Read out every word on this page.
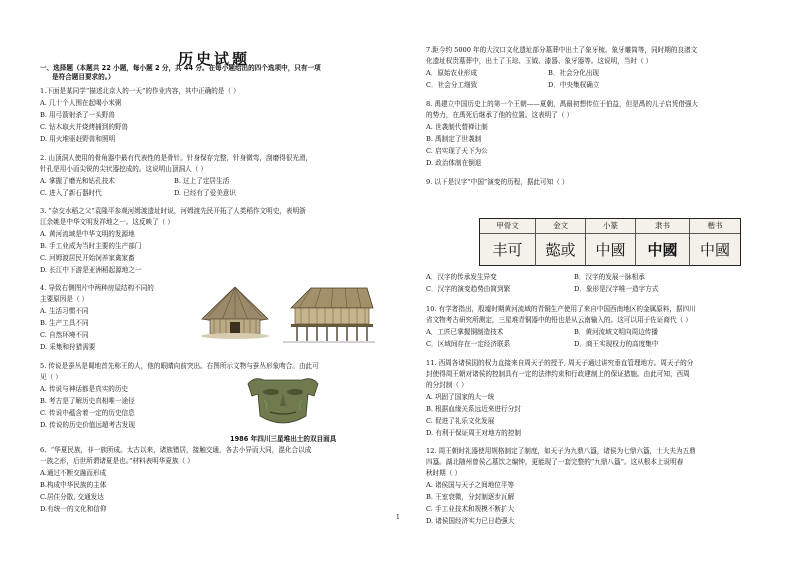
历史试题
一、选择题（本题共 22 小题，每小题 2 分，共 44 分。在每小题给出的四个选项中，只有一项
是符合题目要求的。）
1.下面是某同学“描述北京人的一天”的作业内容，其中正确的是（ ）
A. 几十个人围在起喝小米粥
B. 用弓箭射杀了一头野兽
C. 钻木取火并烧烤捕到的野兽
D. 用火堆驱赶野兽和照明
2. 山顶洞人使用的骨角器中最有代表性的是骨针。针身保存完整，针身微弯，刮磨得很光滑，
针孔是用小而尖锐的尖状器挖成的。这说明山顶洞人（ ）
A. 掌握了磨光和钻孔技术	B. 过上了定居生活
C. 进入了新石器时代	D. 已经有了爱美意识
3. “杂交水稻之父”袁隆平参观河姆渡遗址时说，河姆渡先民开拓了人类稻作文明史，表明浙
江余姚是中华文明发祥地之一。这反映了（ ）
A. 黄河流域是中华文明的发源地
B. 手工业成为当时主要的生产部门
C. 河姆渡居民开始饲养家禽家畜
D. 长江中下游是亚洲稻起源地之一
4. 导致右侧图片中两种房屋结构不同的
主要原因是（ ）
A. 生活习惯不同
B. 生产工具不同
C. 自然环境不同
D. 采集和狩猎需要
5. 传说是蚕丛是蜀地首先称王的人，他的眼睛向前突出。右图所示文物与蚕丛形象吻合。由此可
见（ ）
A. 传说与神话都是真实的历史
B. 考古是了解历史真相唯一途径
C. 传说中蕴含着一定的历史信息
D. 传说的历史价值远超考古发现
1986 年四川三星堆出土的双目面具
6、“华夏民族，非一族所成。太古以来，诸族错居，接触交通，各去小异而大同，混化合以成
一族之形，后世所谓诸夏是也。”材料表明华夏族（ ）
A.通过不断交融而形成
B.构成中华民族的主体
C.居住分散, 交通发达
D.有统一的文化和信仰
7.距今约 5000 年的大汶口文化遗址部分墓葬中出土了象牙梳、象牙雕筒等，同时期的良渚文
化遗址权贵墓葬中，出土了玉琮、玉钺、漆器、象牙器等。这说明，当时（ ）
A．原始农业形成	B．社会分化出现
C．社会分工细致	D．中央集权确立
8. 禹建立中国历史上的第一个王朝——夏朝，禹最初想传位于伯益，但是禹的儿子启凭借强大
的势力，在禹死后继承了他的位置。这表明了（ ）
A. 世袭制代替禅让制
B. 禹制定了世袭制
C. 启实现了天下为公
D. 政治体制在倒退
9. 以下是汉字“中国”演变的历程，据此可知（ ）
甲骨文	金文	小篆	隶书	楷书
丰可	㦤或	中國	中國	中國
A．汉字的传承发生异变	B．汉字的发展一脉相承
C．汉字的演变趋势由简到繁	D．象形是汉字唯一造字方式
10. 有学者指出，殷墟时期黄河流域的青铜生产使用了来自中国西南地区的金属原料，据四川
省文物考古研究所测定，三星堆青铜器中的铅也是从云南输入的。这可以用于佐证商代（ ）
A．工匠已掌握铜制造技术	B．黄河流域文明向周边传播
C．区域间存在一定经济联系	D．商王实现权力的高度集中
11. 西周各诸侯国的权力直接来自周天子的授予, 周天子通过讲究垂直管理地方。周天子的分
封使得周王朝对诸侯的控制具有一定的法律约束和行政建制上的保证措施。由此可知，西周
的分封制（ ）
A. 巩固了国家的大一统
B. 根据血缘关系远近来进行分封
C. 促进了礼乐文化发展
D. 有利于保证周王对地方的控制
12. 周王朝时礼器使用规格制定了制度，如天子为九鼎八簋，诸侯为七鼎六簋，士大夫为五鼎
四簋。湖北随州曾侯乙墓饮之编钟，更能现了一套完整的“九鼎八簋”。这从根本上说明春
秋时期（ ）
A. 诸侯国与天子之间地位平等
B. 王室衰微，分封制逐步瓦解
C. 手工业技术和规模不断扩大
D. 诸侯国经济实力已日趋强大
1
